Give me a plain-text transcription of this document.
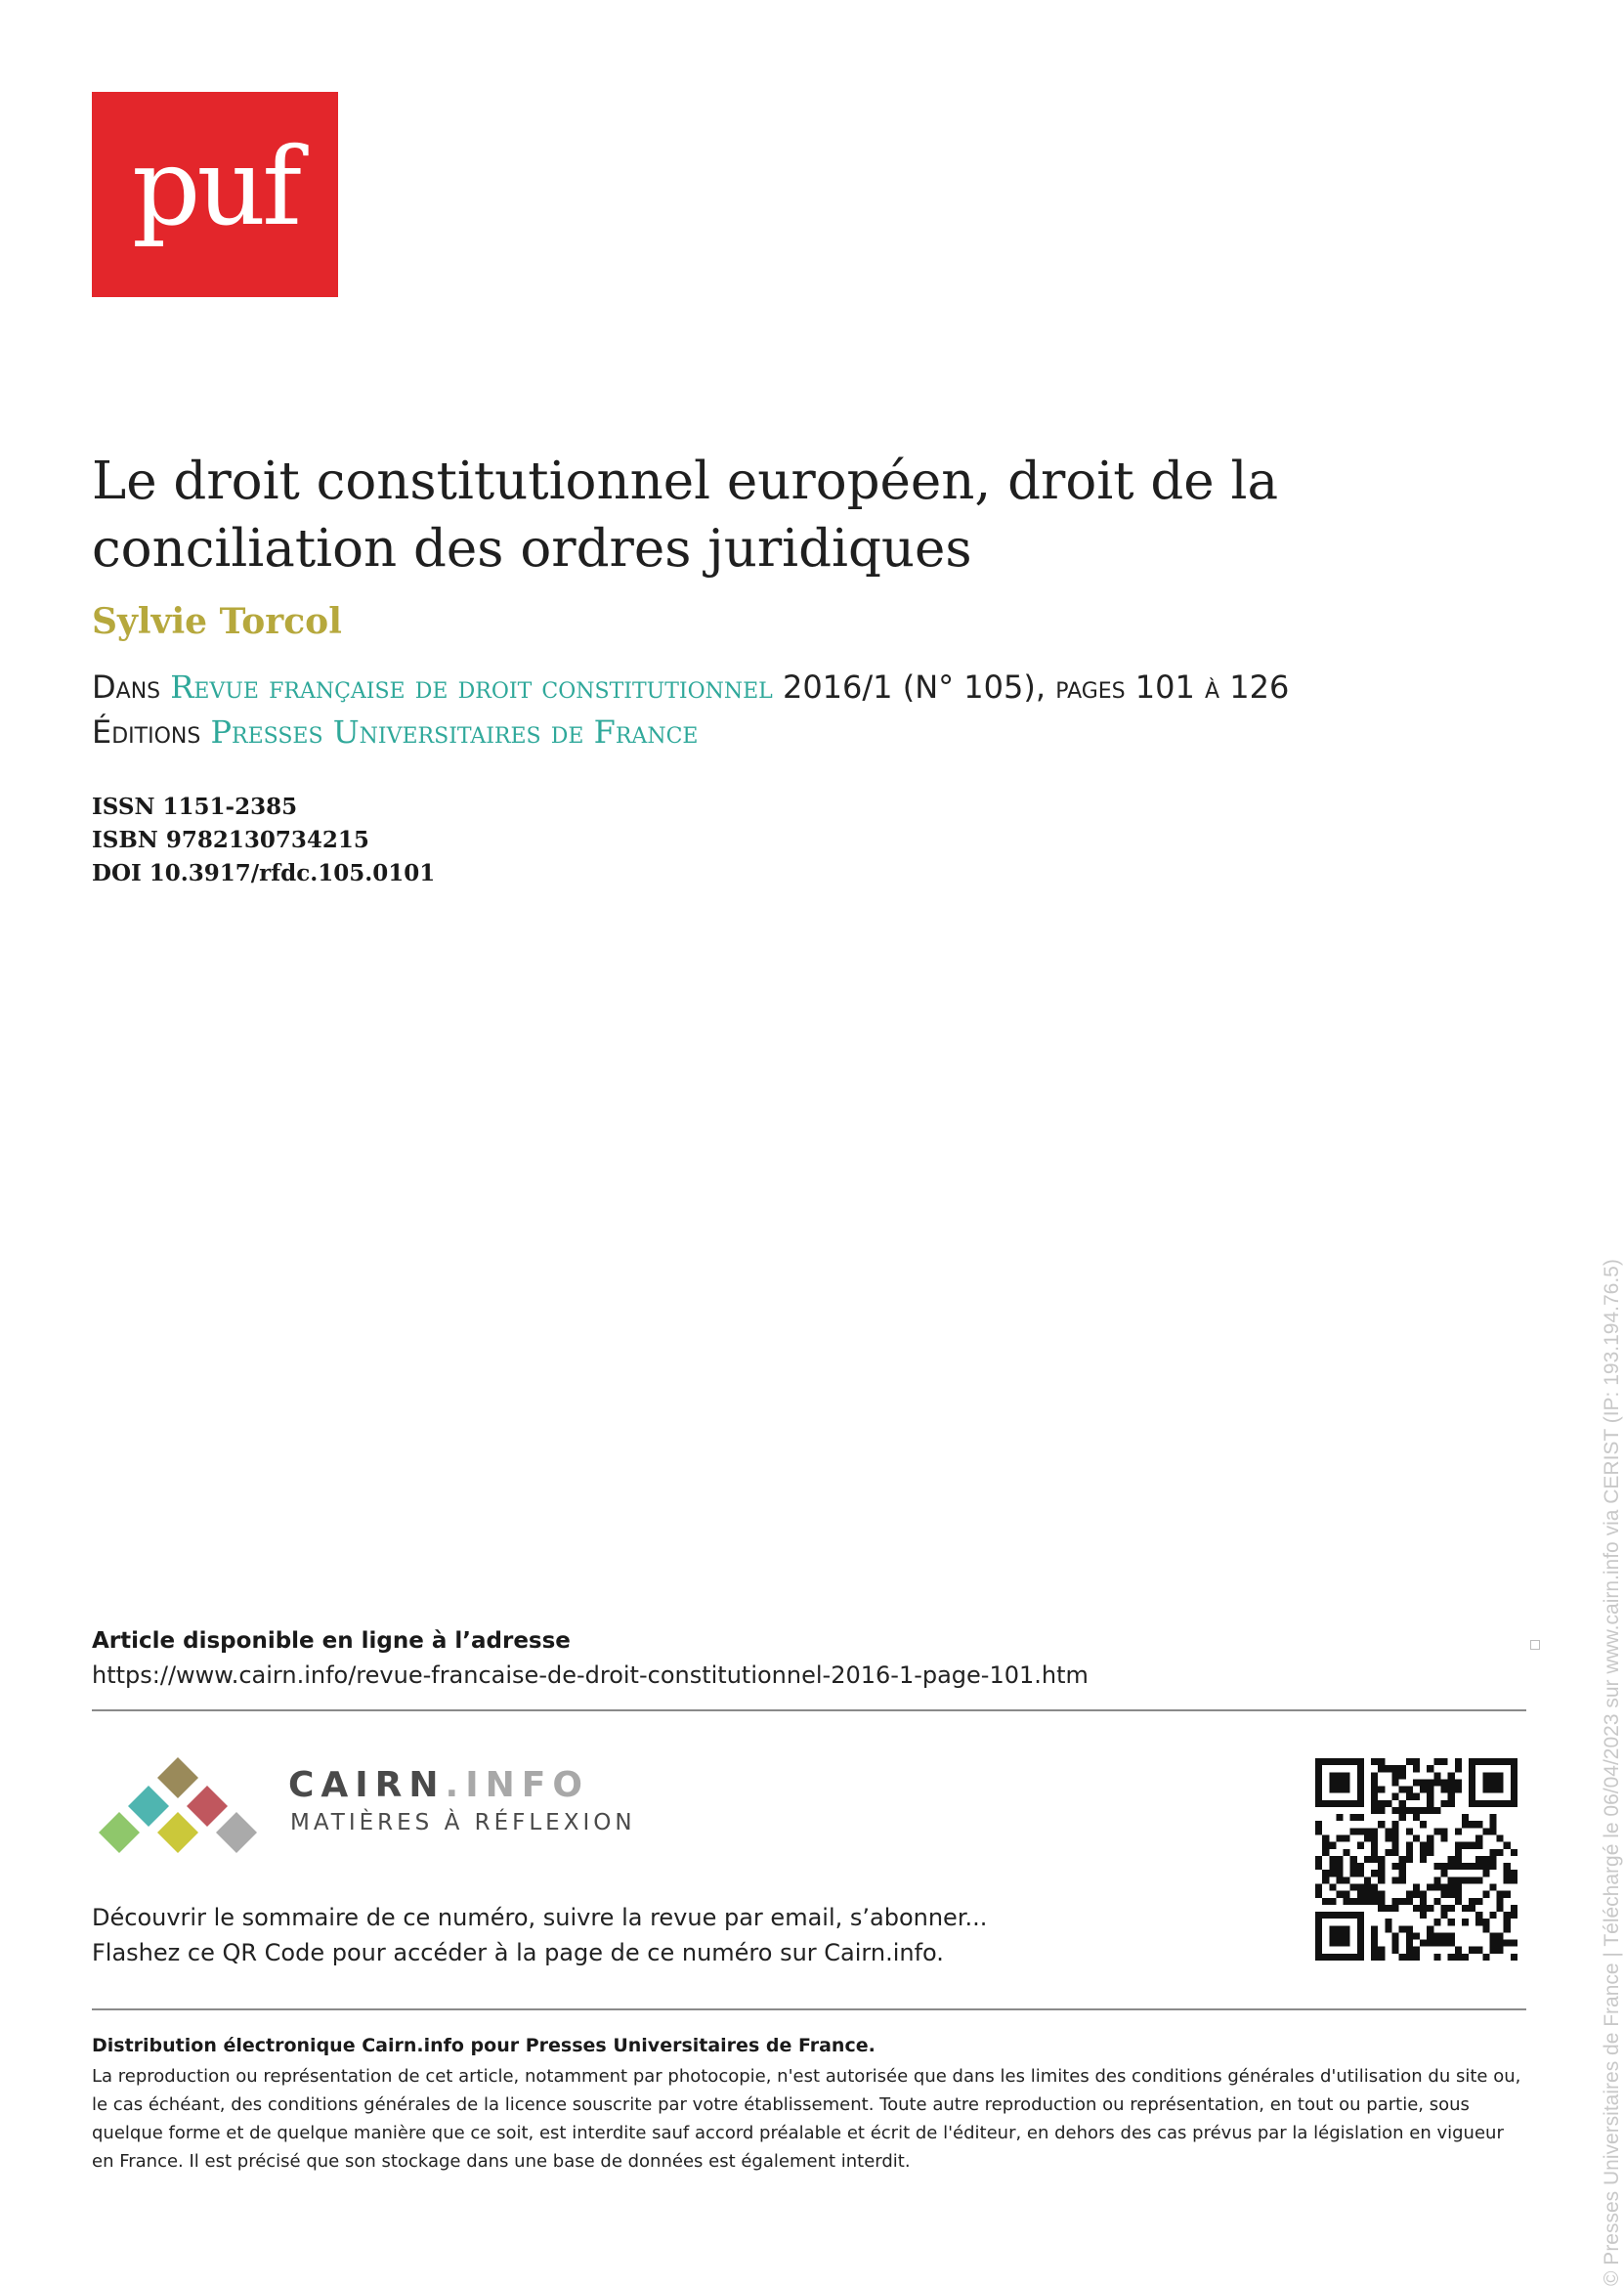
puf
Le droit constitutionnel européen, droit de la conciliation des ordres juridiques
Sylvie Torcol
Dans Revue française de droit constitutionnel 2016/1 (N° 105), pages 101 à 126
Éditions Presses Universitaires de France
ISSN 1151-2385
ISBN 9782130734215
DOI 10.3917/rfdc.105.0101
Article disponible en ligne à l’adresse
https://www.cairn.info/revue-francaise-de-droit-constitutionnel-2016-1-page-101.htm
CAIRN.INFO
MATIÈRES À RÉFLEXION
Découvrir le sommaire de ce numéro, suivre la revue par email, s’abonner...
Flashez ce QR Code pour accéder à la page de ce numéro sur Cairn.info.
Distribution électronique Cairn.info pour Presses Universitaires de France.

La reproduction ou représentation de cet article, notamment par photocopie, n'est autorisée que dans les limites des conditions générales d'utilisation du site ou, le cas échéant, des conditions générales de la licence souscrite par votre établissement. Toute autre reproduction ou représentation, en tout ou partie, sous quelque forme et de quelque manière que ce soit, est interdite sauf accord préalable et écrit de l'éditeur, en dehors des cas prévus par la législation en vigueur en France. Il est précisé que son stockage dans une base de données est également interdit.	© Presses Universitaires de France | Téléchargé le 06/04/2023 sur www.cairn.info via CERIST (IP: 193.194.76.5)
